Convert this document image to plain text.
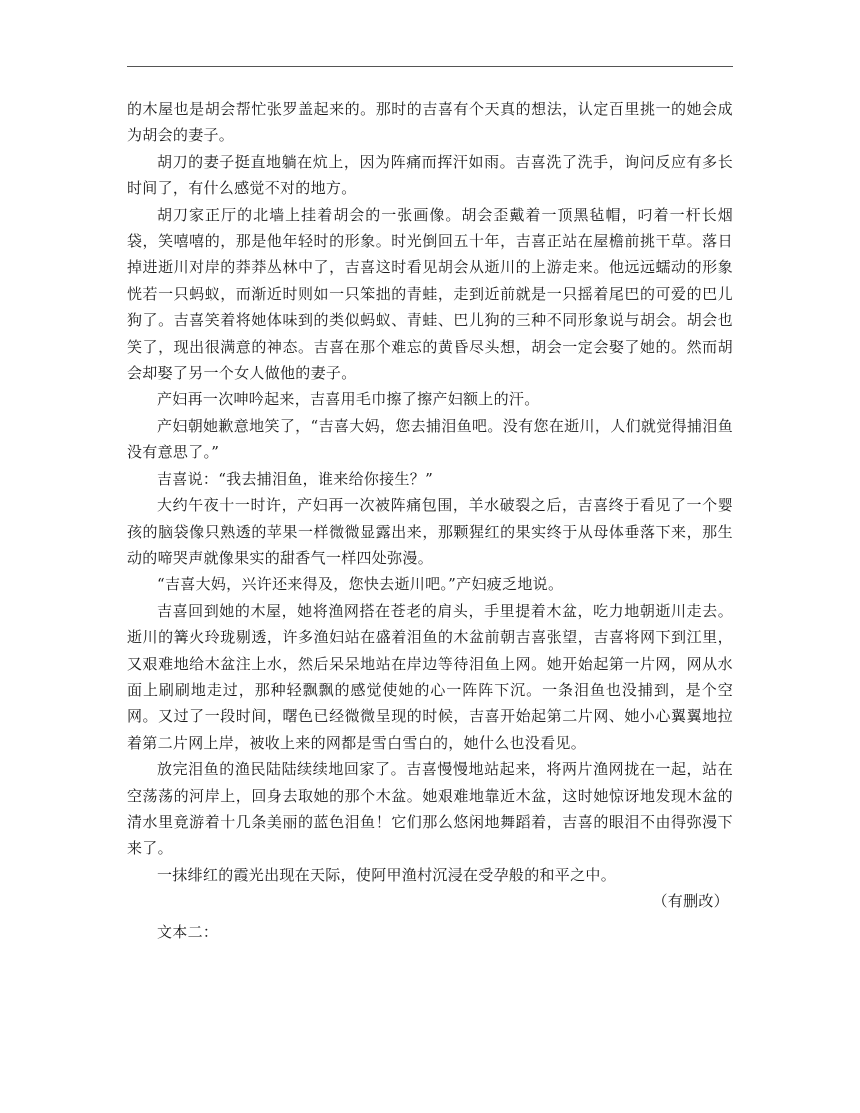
的木屋也是胡会帮忙张罗盖起来的。那时的吉喜有个天真的想法，认定百里挑一的她会成为胡会的妻子。

胡刀的妻子挺直地躺在炕上，因为阵痛而挥汗如雨。吉喜洗了洗手，询问反应有多长时间了，有什么感觉不对的地方。

胡刀家正厅的北墙上挂着胡会的一张画像。胡会歪戴着一顶黑毡帽，叼着一杆长烟袋，笑嘻嘻的，那是他年轻时的形象。时光倒回五十年，吉喜正站在屋檐前挑干草。落日掉进逝川对岸的莽莽丛林中了，吉喜这时看见胡会从逝川的上游走来。他远远蠕动的形象恍若一只蚂蚁，而渐近时则如一只笨拙的青蛙，走到近前就是一只摇着尾巴的可爱的巴儿狗了。吉喜笑着将她体味到的类似蚂蚁、青蛙、巴儿狗的三种不同形象说与胡会。胡会也笑了，现出很满意的神态。吉喜在那个难忘的黄昏尽头想，胡会一定会娶了她的。然而胡会却娶了另一个女人做他的妻子。

产妇再一次呻吟起来，吉喜用毛巾擦了擦产妇额上的汗。

产妇朝她歉意地笑了，“吉喜大妈，您去捕泪鱼吧。没有您在逝川，人们就觉得捕泪鱼没有意思了。”

吉喜说：“我去捕泪鱼，谁来给你接生？”

大约午夜十一时许，产妇再一次被阵痛包围，羊水破裂之后，吉喜终于看见了一个婴孩的脑袋像只熟透的苹果一样微微显露出来，那颗猩红的果实终于从母体垂落下来，那生动的啼哭声就像果实的甜香气一样四处弥漫。

“吉喜大妈，兴许还来得及，您快去逝川吧。”产妇疲乏地说。

吉喜回到她的木屋，她将渔网搭在苍老的肩头，手里提着木盆，吃力地朝逝川走去。逝川的篝火玲珑剔透，许多渔妇站在盛着泪鱼的木盆前朝吉喜张望，吉喜将网下到江里，又艰难地给木盆注上水，然后呆呆地站在岸边等待泪鱼上网。她开始起第一片网，网从水面上刷刷地走过，那种轻飘飘的感觉使她的心一阵阵下沉。一条泪鱼也没捕到，是个空网。又过了一段时间，曙色已经微微呈现的时候，吉喜开始起第二片网、她小心翼翼地拉着第二片网上岸，被收上来的网都是雪白雪白的，她什么也没看见。

放完泪鱼的渔民陆陆续续地回家了。吉喜慢慢地站起来，将两片渔网拢在一起，站在空荡荡的河岸上，回身去取她的那个木盆。她艰难地靠近木盆，这时她惊讶地发现木盆的清水里竟游着十几条美丽的蓝色泪鱼！它们那么悠闲地舞蹈着，吉喜的眼泪不由得弥漫下来了。

一抹绯红的霞光出现在天际，使阿甲渔村沉浸在受孕般的和平之中。

（有删改）

文本二：
